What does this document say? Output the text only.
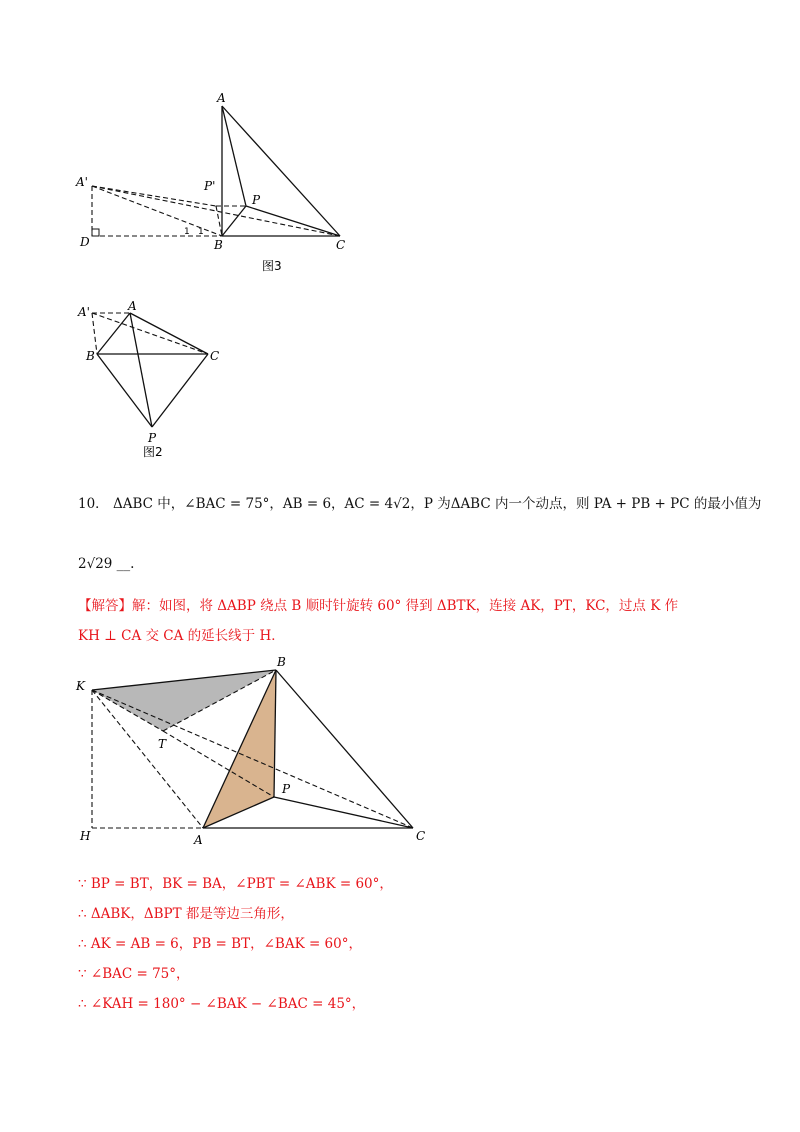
A
A'	P'
P
D	B	C
1 1
图3
A'	A
B	C
P
图2
K
B
T
P
H	A	C
10． ΔABC 中，∠BAC = 75°，AB = 6，AC = 4√2，P 为ΔABC 内一个动点，则 PA + PB + PC 的最小值为
2√29 __.
【解答】解：如图，将 ΔABP 绕点 B 顺时针旋转 60° 得到 ΔBTK，连接 AK，PT，KC，过点 K 作
KH ⊥ CA 交 CA 的延长线于 H．
∵ BP = BT，BK = BA，∠PBT = ∠ABK = 60°，
∴ ΔABK，ΔBPT 都是等边三角形，
∴ AK = AB = 6，PB = BT，∠BAK = 60°，
∵ ∠BAC = 75°，
∴ ∠KAH = 180° − ∠BAK − ∠BAC = 45°，
